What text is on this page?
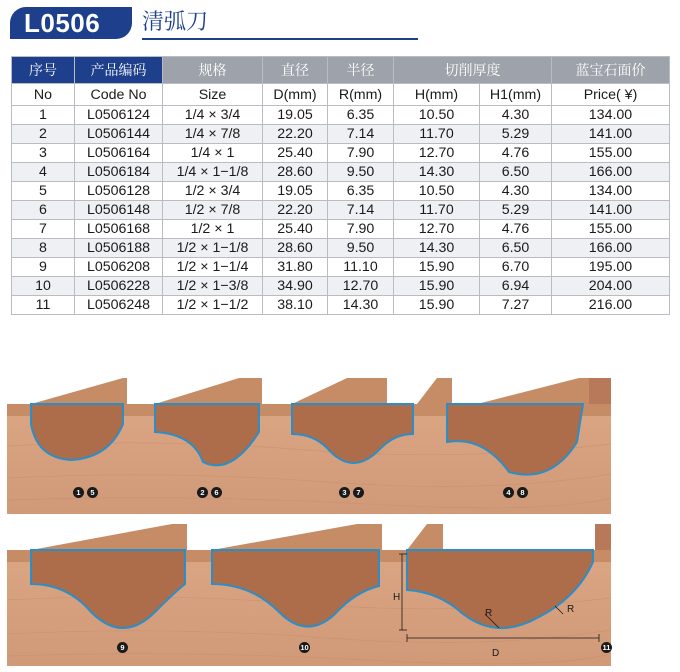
L0506	清弧刀
序号	产品编码	规格	直径	半径	切削厚度		蓝宝石面价
No	Code No	Size	D(mm)	R(mm)	H(mm)	H1(mm)	Price( ¥)
1	L0506124	1/4 × 3/4	19.05	6.35	10.50	4.30	134.00
2	L0506144	1/4 × 7/8	22.20	7.14	11.70	5.29	141.00
3	L0506164	1/4 × 1	25.40	7.90	12.70	4.76	155.00
4	L0506184	1/4 × 1−1/8	28.60	9.50	14.30	6.50	166.00
5	L0506128	1/2 × 3/4	19.05	6.35	10.50	4.30	134.00
6	L0506148	1/2 × 7/8	22.20	7.14	11.70	5.29	141.00
7	L0506168	1/2 × 1	25.40	7.90	12.70	4.76	155.00
8	L0506188	1/2 × 1−1/8	28.60	9.50	14.30	6.50	166.00
9	L0506208	1/2 × 1−1/4	31.80	11.10	15.90	6.70	195.00
10	L0506228	1/2 × 1−3/8	34.90	12.70	15.90	6.94	204.00
11	L0506248	1/2 × 1−1/2	38.10	14.30	15.90	7.27	216.00
1	5	2	6	3	7	4	8
H
R	R
D
9	10	11
